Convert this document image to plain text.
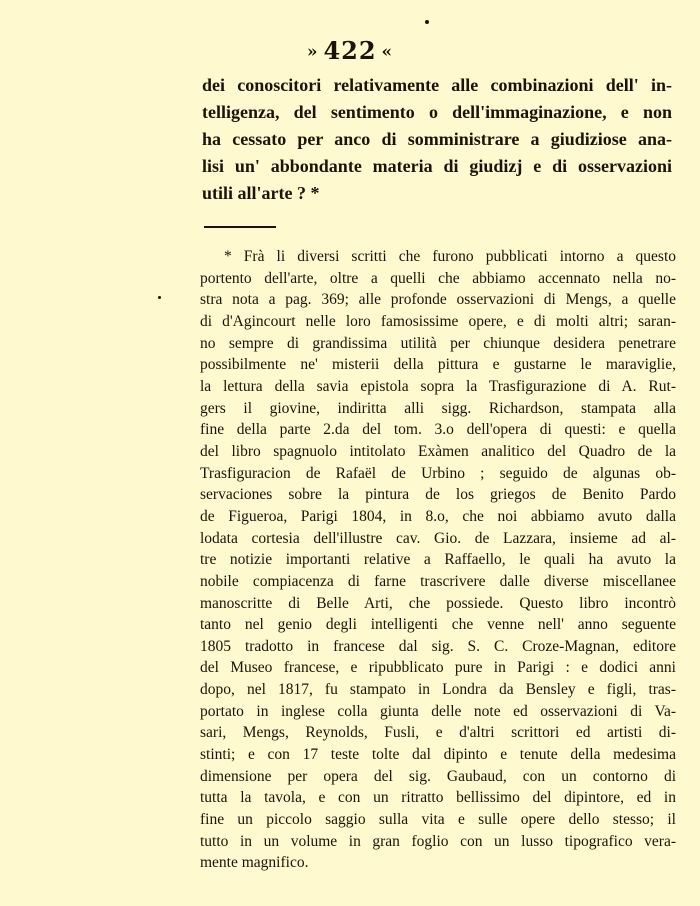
» 422 «
dei conoscitori relativamente alle combinazioni dell' in-
telligenza, del sentimento o dell'immaginazione, e non
ha cessato per anco di somministrare a giudiziose ana-
lisi un' abbondante materia di giudizj e di osservazioni
utili all'arte ? *
* Frà li diversi scritti che furono pubblicati intorno a questo
portento dell'arte, oltre a quelli che abbiamo accennato nella no-
stra nota a pag. 369; alle profonde osservazioni di Mengs, a quelle
di d'Agincourt nelle loro famosissime opere, e di molti altri; saran-
no sempre di grandissima utilità per chiunque desidera penetrare
possibilmente ne' misterii della pittura e gustarne le maraviglie,
la lettura della savia epistola sopra la Trasfigurazione di A. Rut-
gers il giovine, indiritta alli sigg. Richardson, stampata alla
fine della parte 2.da del tom. 3.o dell'opera di questi: e quella
del libro spagnuolo intitolato Exàmen analitico del Quadro de la
Trasfiguracion de Rafaël de Urbino ; seguido de algunas ob-
servaciones sobre la pintura de los griegos de Benito Pardo
de Figueroa, Parigi 1804, in 8.o, che noi abbiamo avuto dalla
lodata cortesia dell'illustre cav. Gio. de Lazzara, insieme ad al-
tre notizie importanti relative a Raffaello, le quali ha avuto la
nobile compiacenza di farne trascrivere dalle diverse miscellanee
manoscritte di Belle Arti, che possiede. Questo libro incontrò
tanto nel genio degli intelligenti che venne nell' anno seguente
1805 tradotto in francese dal sig. S. C. Croze-Magnan, editore
del Museo francese, e ripubblicato pure in Parigi : e dodici anni
dopo, nel 1817, fu stampato in Londra da Bensley e figli, tras-
portato in inglese colla giunta delle note ed osservazioni di Va-
sari, Mengs, Reynolds, Fusli, e d'altri scrittori ed artisti di-
stinti; e con 17 teste tolte dal dipinto e tenute della medesima
dimensione per opera del sig. Gaubaud, con un contorno di
tutta la tavola, e con un ritratto bellissimo del dipintore, ed in
fine un piccolo saggio sulla vita e sulle opere dello stesso; il
tutto in un volume in gran foglio con un lusso tipografico vera-
mente magnifico.
